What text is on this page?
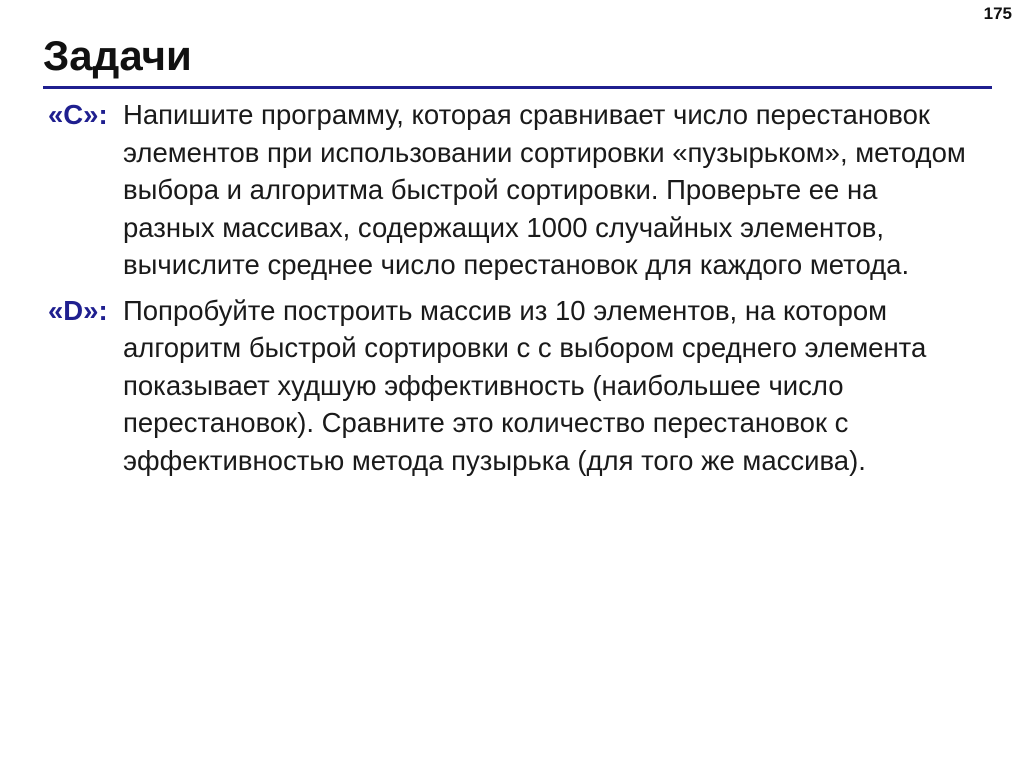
175
Задачи

«C»: Напишите программу, которая сравнивает число перестановок элементов при использовании сортировки «пузырьком», методом выбора и алгоритма быстрой сортировки. Проверьте ее на разных массивах, содержащих 1000 случайных элементов, вычислите среднее число перестановок для каждого метода.

«D»: Попробуйте построить массив из 10 элементов, на котором алгоритм быстрой сортировки с с выбором среднего элемента показывает худшую эффективность (наибольшее число перестановок). Сравните это количество перестановок с эффективностью метода пузырька (для того же массива).
